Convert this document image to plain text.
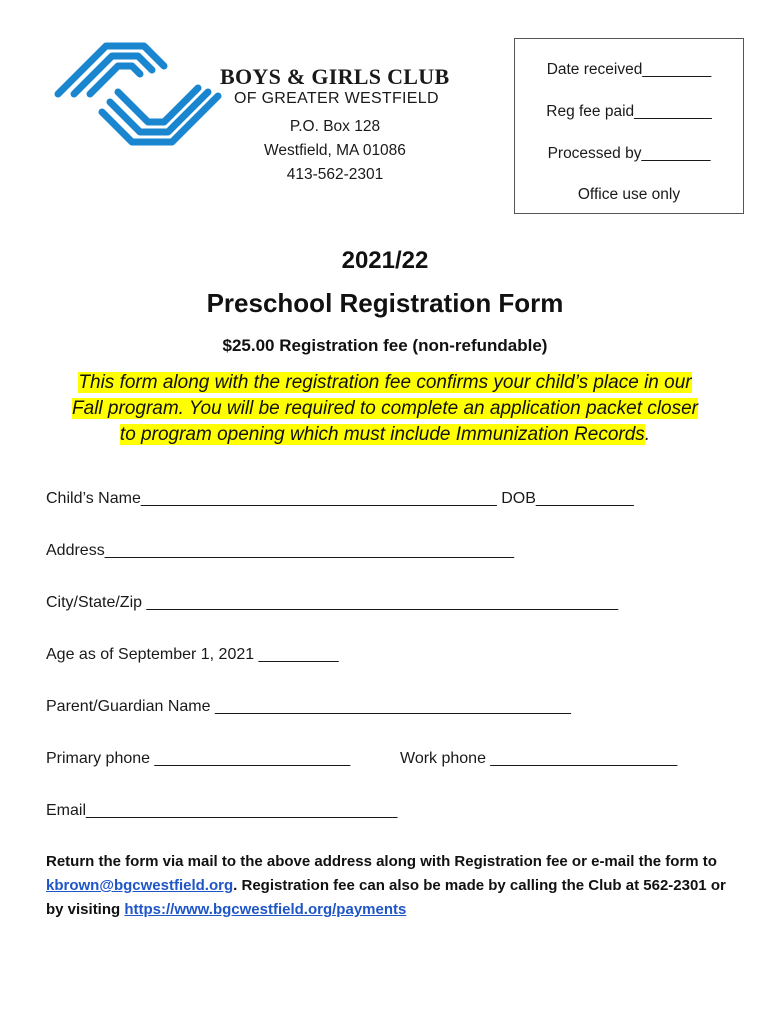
BOYS & GIRLS CLUB
OF GREATER WESTFIELD
P.O. Box 128
Westfield, MA 01086
413-562-2301
Date received________
Reg fee paid_________
Processed by________
Office use only
2021/22
Preschool Registration Form
$25.00 Registration fee (non-refundable)
This form along with the registration fee confirms your child’s place in our
Fall program. You will be required to complete an application packet closer
to program opening which must include Immunization Records.
Child’s Name________________________________________ DOB___________
Address______________________________________________
City/State/Zip _____________________________________________________
Age as of September 1, 2021 _________
Parent/Guardian Name ________________________________________
Primary phone ______________________	Work phone _____________________
Email___________________________________
Return the form via mail to the above address along with Registration fee or e-mail the form to kbrown@bgcwestfield.org. Registration fee can also be made by calling the Club at 562-2301 or by visiting https://www.bgcwestfield.org/payments
